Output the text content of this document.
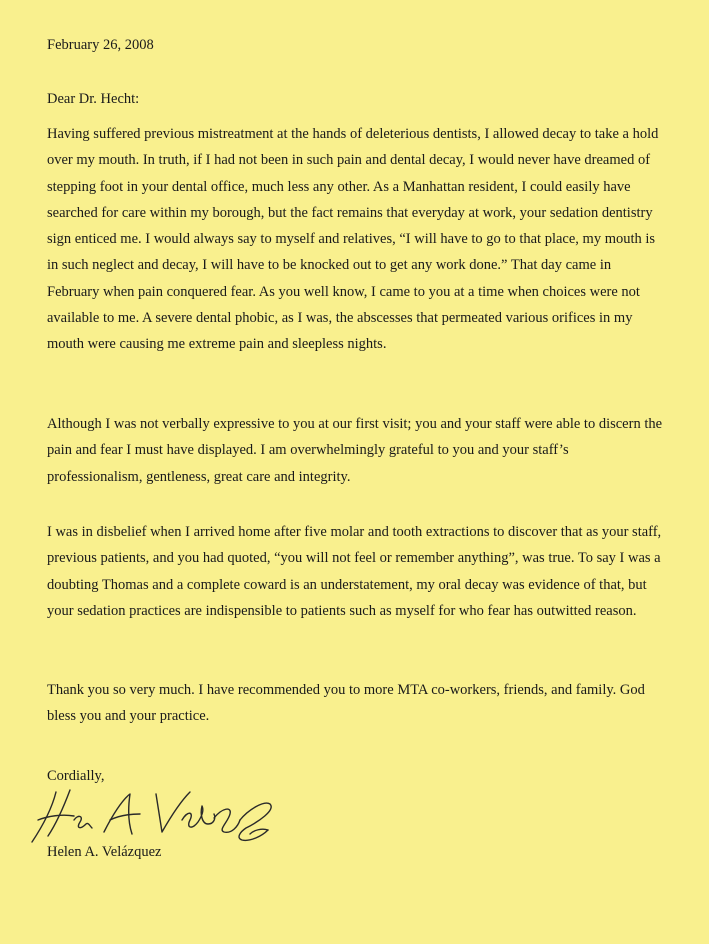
February 26, 2008
Dear Dr. Hecht:

Having suffered previous mistreatment at the hands of deleterious dentists, I allowed decay to take a hold over my mouth. In truth, if I had not been in such pain and dental decay, I would never have dreamed of stepping foot in your dental office, much less any other. As a Manhattan resident, I could easily have searched for care within my borough, but the fact remains that everyday at work, your sedation dentistry sign enticed me. I would always say to myself and relatives, “I will have to go to that place, my mouth is in such neglect and decay, I will have to be knocked out to get any work done.” That day came in February when pain conquered fear. As you well know, I came to you at a time when choices were not available to me. A severe dental phobic, as I was, the abscesses that permeated various orifices in my mouth were causing me extreme pain and sleepless nights.

Although I was not verbally expressive to you at our first visit; you and your staff were able to discern the pain and fear I must have displayed. I am overwhelmingly grateful to you and your staff’s professionalism, gentleness, great care and integrity.

I was in disbelief when I arrived home after five molar and tooth extractions to discover that as your staff, previous patients, and you had quoted, “you will not feel or remember anything”, was true. To say I was a doubting Thomas and a complete coward is an understatement, my oral decay was evidence of that, but your sedation practices are indispensible to patients such as myself for who fear has outwitted reason.

Thank you so very much. I have recommended you to more MTA co-workers, friends, and family. God bless you and your practice.

Cordially,
Helen A. Velázquez
